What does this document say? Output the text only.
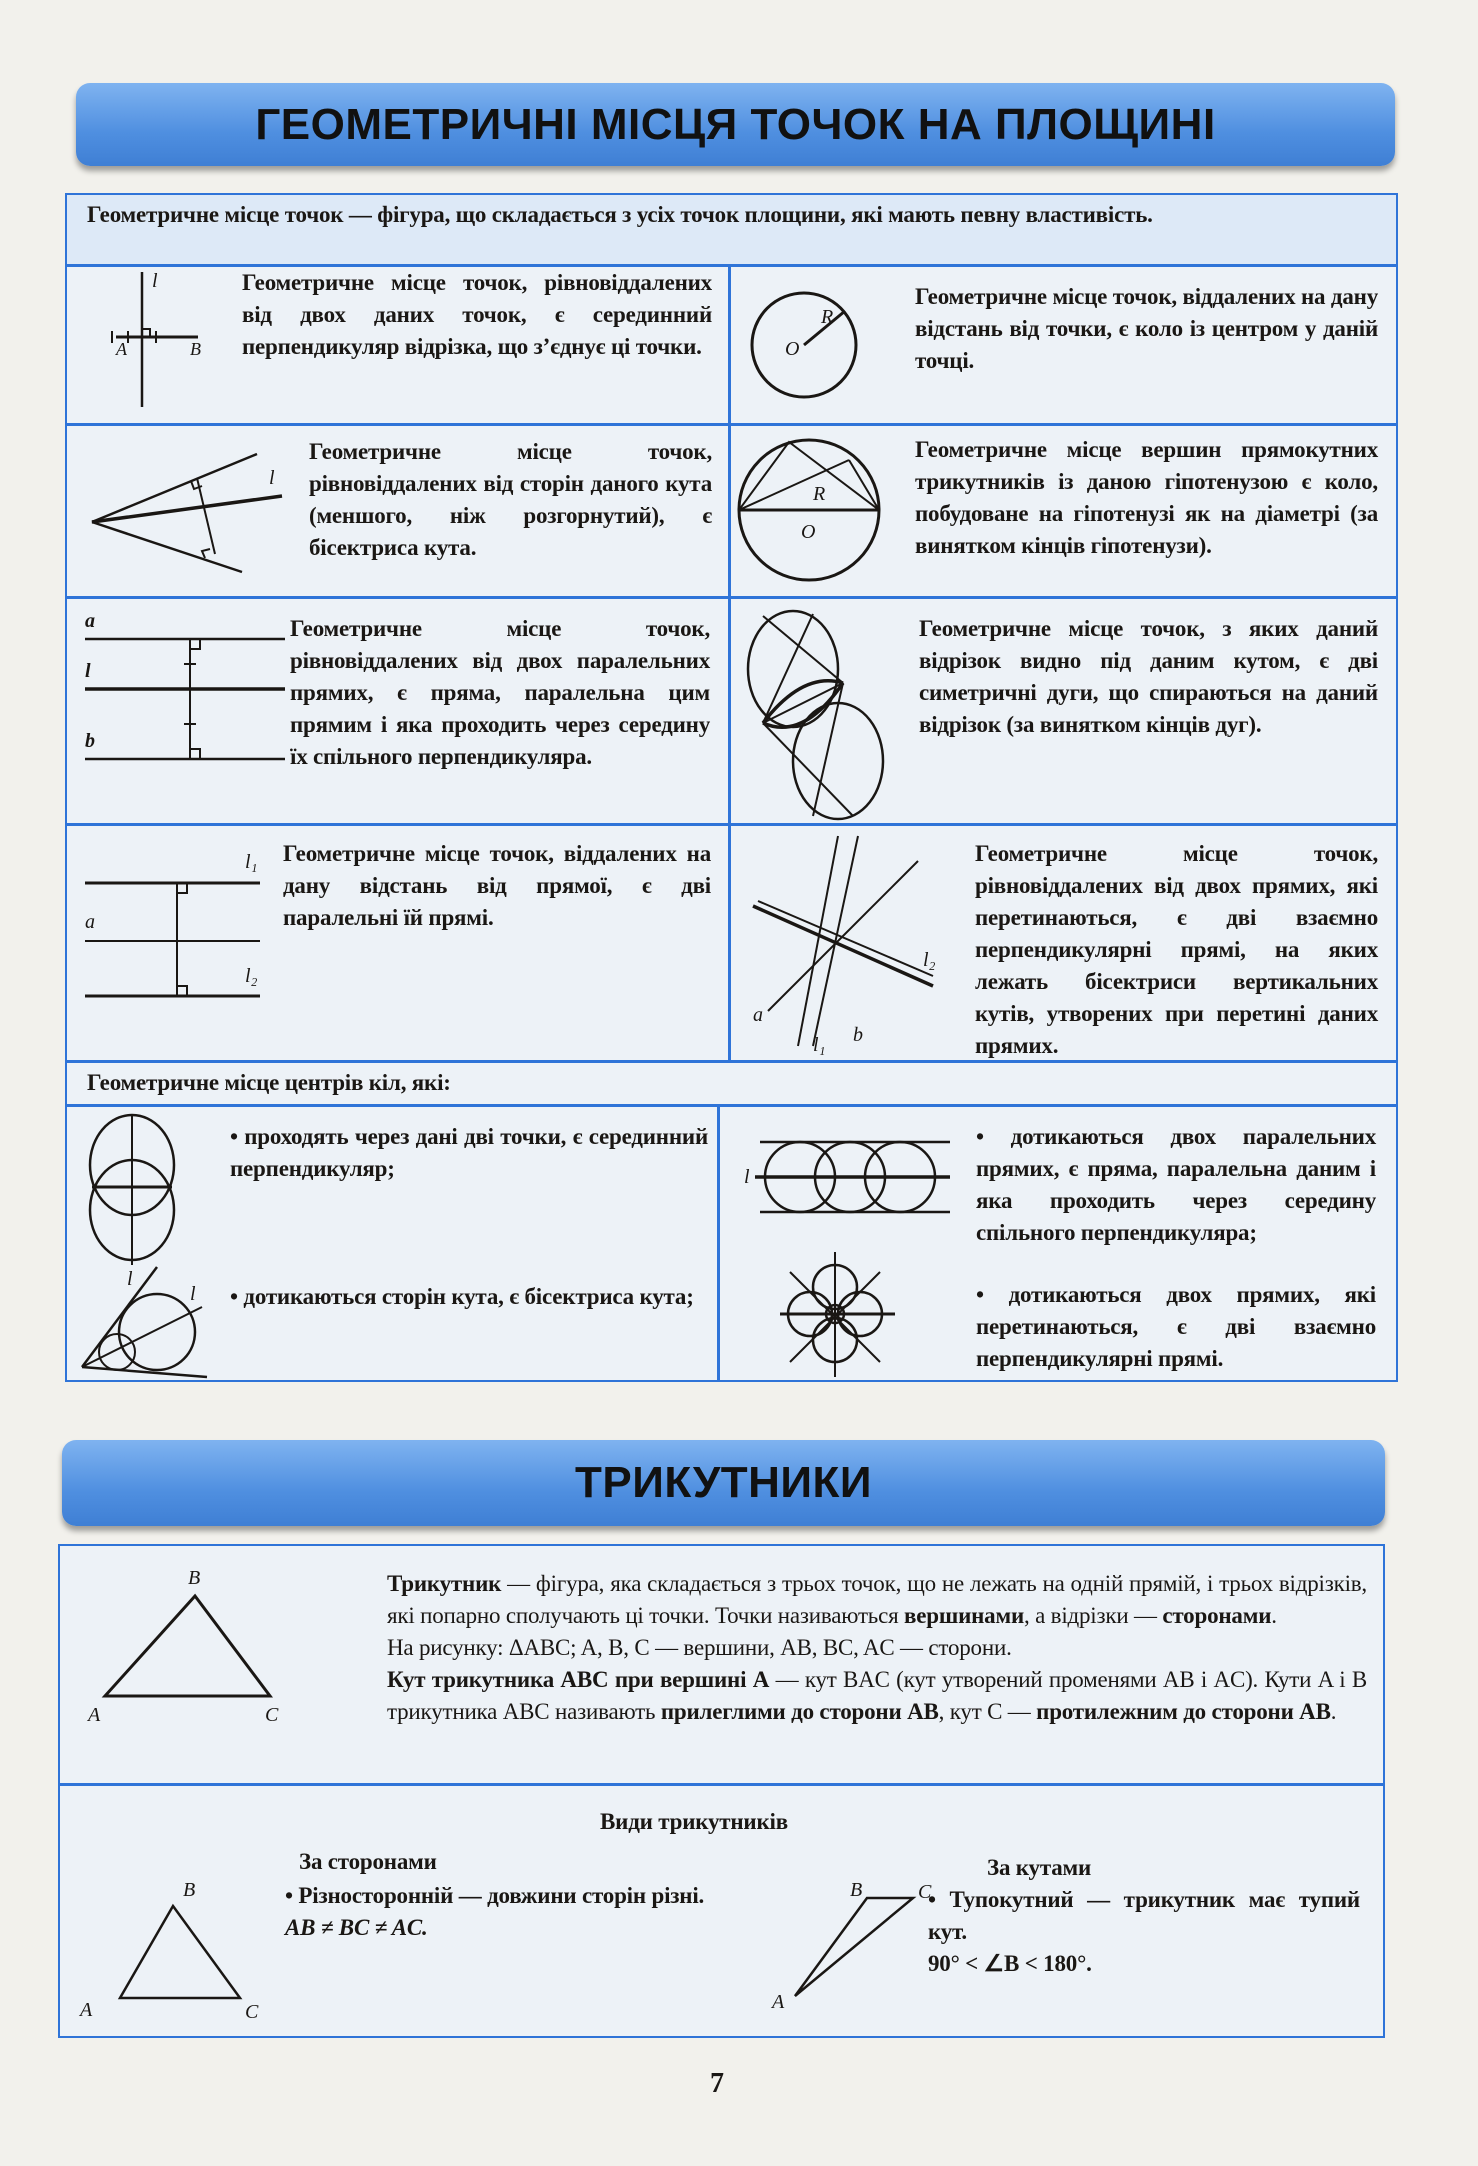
ГЕОМЕТРИЧНІ МІСЦЯ ТОЧОК НА ПЛОЩИНІ
Геометричне місце точок — фігура, що складається з усіх точок площини, які мають певну властивість.
l
A	B
Геометричне місце точок, рівновіддалених від двох даних точок, є серединний перпендикуляр відрізка, що з’єднує ці точки.
R
O
Геометричне місце точок, віддалених на дану відстань від точки, є коло із центром у даній точці.
l
Геометричне місце точок, рівновіддалених від сторін даного кута (меншого, ніж розгорнутий), є бісектриса кута.
R
O
Геометричне місце вершин прямокутних трикутників із даною гіпотенузою є коло, побудоване на гіпотенузі як на діаметрі (за винятком кінців гіпотенузи).
a
l
b
Геометричне місце точок, рівновіддалених від двох паралельних прямих, є пряма, паралельна цим прямим і яка проходить через середину їх спільного перпендикуляра.
Геометричне місце точок, з яких даний відрізок видно під даним кутом, є дві симетричні дуги, що спираються на даний відрізок (за винятком кінців дуг).
l₁
a
l₂
Геометричне місце точок, віддалених на дану відстань від прямої, є дві паралельні їй прямі.
l₂
a
l₁ b
Геометричне місце точок, рівновіддалених від двох прямих, які перетинаються, є дві взаємно перпендикулярні прямі, на яких лежать бісектриси вертикальних кутів, утворених при перетині даних прямих.
Геометричне місце центрів кіл, які:
l
• проходять через дані дві точки, є серединний перпендикуляр;
l • дотикаються сторін кута, є бісектриса кута;
l
• дотикаються двох паралельних прямих, є пряма, паралельна даним і яка проходить через середину спільного перпендикуляра;
• дотикаються двох прямих, які перетинаються, є дві взаємно перпендикулярні прямі.
ТРИКУТНИКИ
B
A	C
Трикутник — фігура, яка складається з трьох точок, що не лежать на одній прямій, і трьох відрізків, які попарно сполучають ці точки. Точки називаються вершинами, а відрізки — сторонами.
На рисунку: ΔABC; A, B, C — вершини, AB, BC, AC — сторони.
Кут трикутника ABC при вершині A — кут BAC (кут утворений променями AB і AC). Кути A і B трикутника ABC називають прилеглими до сторони AB, кут C — протилежним до сторони AB.
Види трикутників
За сторонами
B
A	C
• Різносторонній — довжини сторін різні.
AB ≠ BC ≠ AC.
За кутами
B	C
A
• Тупокутний — трикутник має тупий кут.
90° < ∠B < 180°.
7
